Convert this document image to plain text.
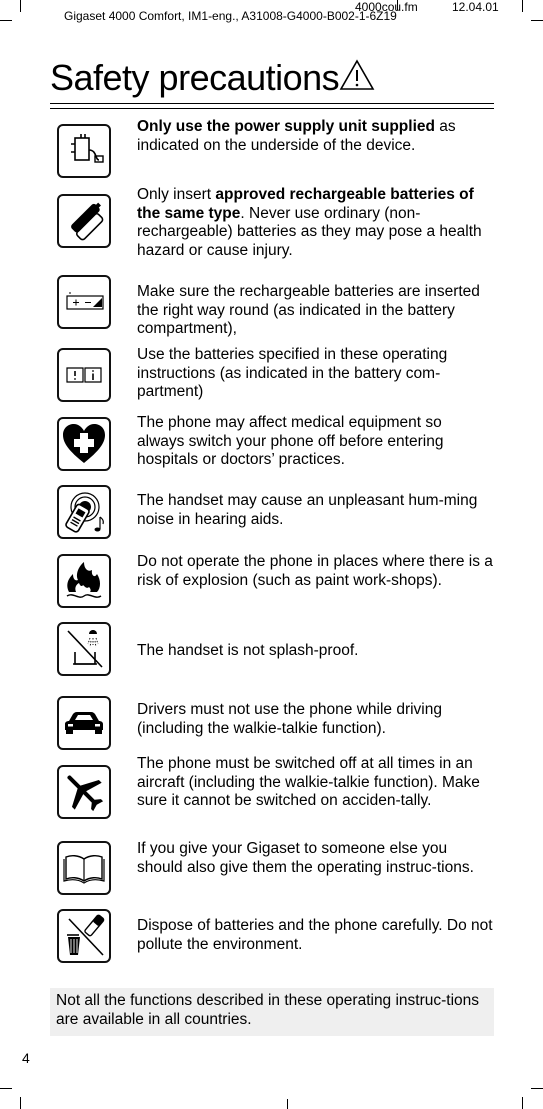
4000cou.fm	12.04.01
Gigaset 4000 Comfort, IM1-eng., A31008-G4000-B002-1-6Z19
Safety precautions
Only use the power supply unit supplied as indicated on the underside of the device.
Only insert approved rechargeable batteries of the same type. Never use ordinary (non-rechargeable) batteries as they may pose a health hazard or cause injury.
Make sure the rechargeable batteries are inserted the right way round (as indicated in the battery compartment),
Use the batteries specified in these operating instructions (as indicated in the battery com-partment)
The phone may affect medical equipment so always switch your phone off before entering hospitals or doctors’ practices.
The handset may cause an unpleasant hum-ming noise in hearing aids.
Do not operate the phone in places where there is a risk of explosion (such as paint work-shops).
The handset is not splash-proof.
Drivers must not use the phone while driving (including the walkie-talkie function).
The phone must be switched off at all times in an aircraft (including the walkie-talkie function). Make sure it cannot be switched on acciden-tally.
If you give your Gigaset to someone else you should also give them the operating instruc-tions.
Dispose of batteries and the phone carefully. Do not pollute the environment.
Not all the functions described in these operating instruc-tions are available in all countries.
4
